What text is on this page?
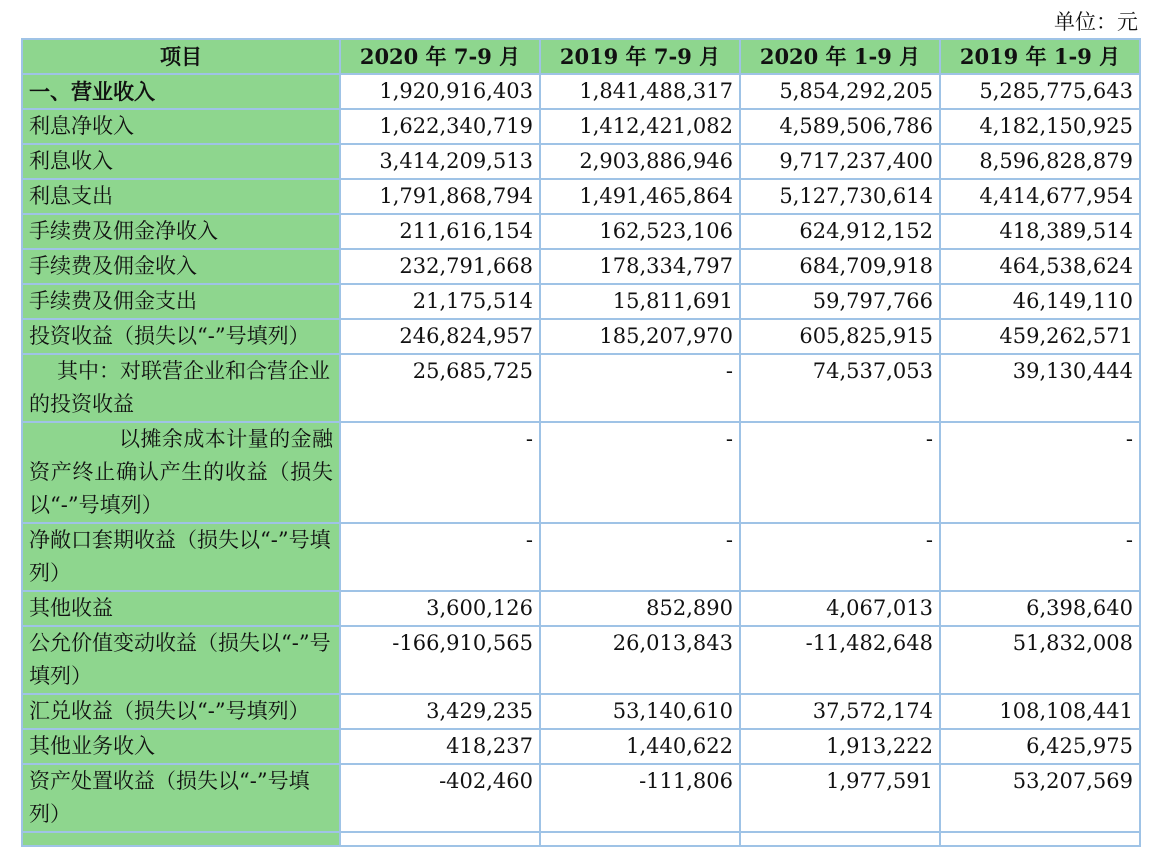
单位：元
项目	2020 年 7-9 月	2019 年 7-9 月	2020 年 1-9 月	2019 年 1-9 月
一、营业收入	1,920,916,403	1,841,488,317	5,854,292,205	5,285,775,643
利息净收入	1,622,340,719	1,412,421,082	4,589,506,786	4,182,150,925
利息收入	3,414,209,513	2,903,886,946	9,717,237,400	8,596,828,879
利息支出	1,791,868,794	1,491,465,864	5,127,730,614	4,414,677,954
手续费及佣金净收入	211,616,154	162,523,106	624,912,152	418,389,514
手续费及佣金收入	232,791,668	178,334,797	684,709,918	464,538,624
手续费及佣金支出	21,175,514	15,811,691	59,797,766	46,149,110
投资收益（损失以“-”号填列）	246,824,957	185,207,970	605,825,915	459,262,571
其中：对联营企业和合营企业的投资收益	25,685,725	-	74,537,053	39,130,444
以摊余成本计量的金融资产终止确认产生的收益（损失以“-”号填列）	-	-	-	-
净敞口套期收益（损失以“-”号填列）	-	-	-	-
其他收益	3,600,126	852,890	4,067,013	6,398,640
公允价值变动收益（损失以“-”号填列）	-166,910,565	26,013,843	-11,482,648	51,832,008
汇兑收益（损失以“-”号填列）	3,429,235	53,140,610	37,572,174	108,108,441
其他业务收入	418,237	1,440,622	1,913,222	6,425,975
资产处置收益（损失以“-”号填列）	-402,460	-111,806	1,977,591	53,207,569
